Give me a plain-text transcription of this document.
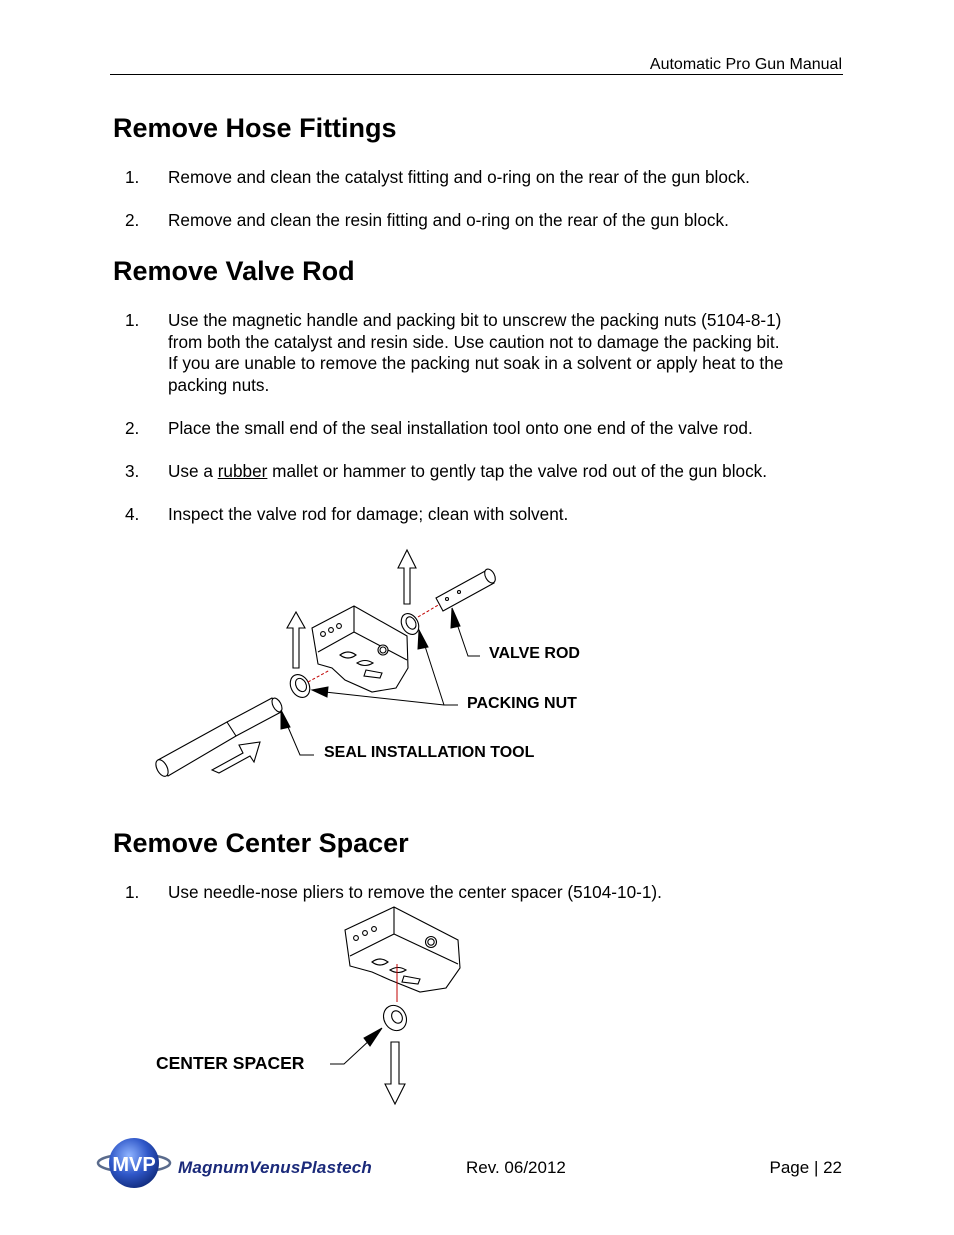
Automatic Pro Gun Manual
Remove Hose Fittings
1. Remove and clean the catalyst fitting and o-ring on the rear of the gun block.
2. Remove and clean the resin fitting and o-ring on the rear of the gun block.
Remove Valve Rod
1. Use the magnetic handle and packing bit to unscrew the packing nuts (5104-8-1)
from both the catalyst and resin side. Use caution not to damage the packing bit.
If you are unable to remove the packing nut soak in a solvent or apply heat to the
packing nuts.
2. Place the small end of the seal installation tool onto one end of the valve rod.
3. Use a rubber mallet or hammer to gently tap the valve rod out of the gun block.
4. Inspect the valve rod for damage; clean with solvent.
VALVE ROD
PACKING NUT
SEAL INSTALLATION TOOL
Remove Center Spacer
1. Use needle-nose pliers to remove the center spacer (5104-10-1).
CENTER SPACER
MVP MagnumVenusPlastech	Rev. 06/2012	Page | 22
